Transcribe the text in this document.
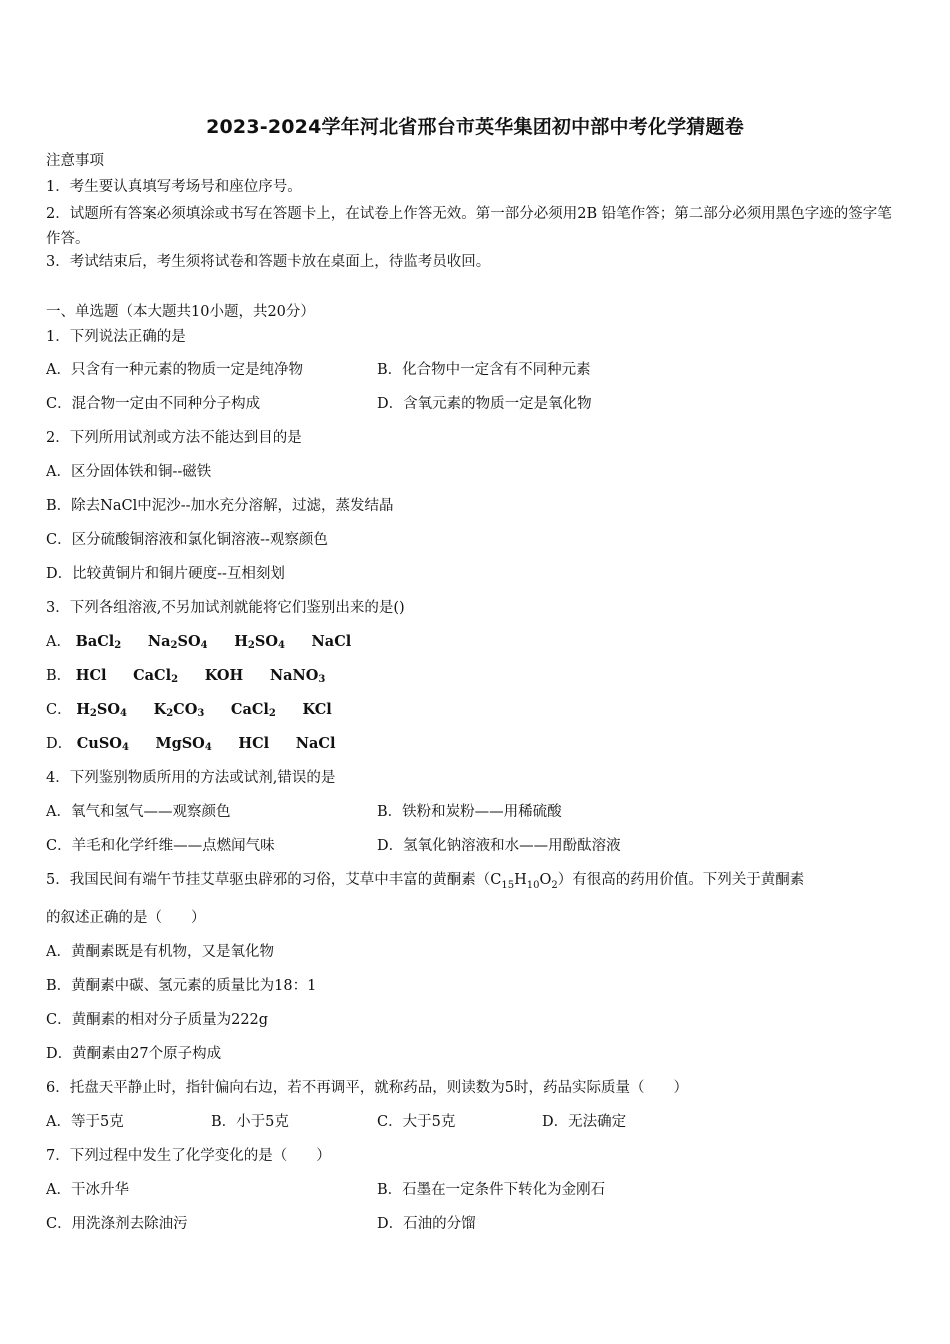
2023-2024学年河北省邢台市英华集团初中部中考化学猜题卷
注意事项
1．考生要认真填写考场号和座位序号。
2．试题所有答案必须填涂或书写在答题卡上，在试卷上作答无效。第一部分必须用2B 铅笔作答；第二部分必须用黑色字迹的签字笔作答。
3．考试结束后，考生须将试卷和答题卡放在桌面上，待监考员收回。
一、单选题（本大题共10小题，共20分）
1．下列说法正确的是
A．只含有一种元素的物质一定是纯净物	B．化合物中一定含有不同种元素
C．混合物一定由不同种分子构成	D．含氧元素的物质一定是氧化物
2．下列所用试剂或方法不能达到目的是
A．区分固体铁和铜--磁铁
B．除去NaCl中泥沙--加水充分溶解，过滤，蒸发结晶
C．区分硫酸铜溶液和氯化铜溶液--观察颜色
D．比较黄铜片和铜片硬度--互相刻划
3．下列各组溶液,不另加试剂就能将它们鉴别出来的是()
A． BaCl$_2$ $Na_2SO_4$ $H_2SO_4$ NaCl
B． HCl CaCl$_2$ KOH NaNO$_3$
C． $H_2SO_4$ $K_2CO_3$ CaCl$_2$ KCl
D． CuSO$_4$ MgSO$_4$ HCl NaCl
4．下列鉴别物质所用的方法或试剂,错误的是
A．氧气和氢气——观察颜色	B．铁粉和炭粉——用稀硫酸
C．羊毛和化学纤维——点燃闻气味	D．氢氧化钠溶液和水——用酚酞溶液
5．我国民间有端午节挂艾草驱虫辟邪的习俗，艾草中丰富的黄酮素$(C_{15}H_{10}O_2)$有很高的药用价值。下列关于黄酮素
的叙述正确的是（　　）
A．黄酮素既是有机物，又是氧化物
B．黄酮素中碳、氢元素的质量比为18：1
C．黄酮素的相对分子质量为222g
D．黄酮素由27个原子构成
6．托盘天平静止时，指针偏向右边，若不再调平，就称药品，则读数为5时，药品实际质量（　　）
A．等于5克	B．小于5克	C．大于5克	D．无法确定
7．下列过程中发生了化学变化的是（　　）
A．干冰升华	B．石墨在一定条件下转化为金刚石
C．用洗涤剂去除油污	D．石油的分馏
